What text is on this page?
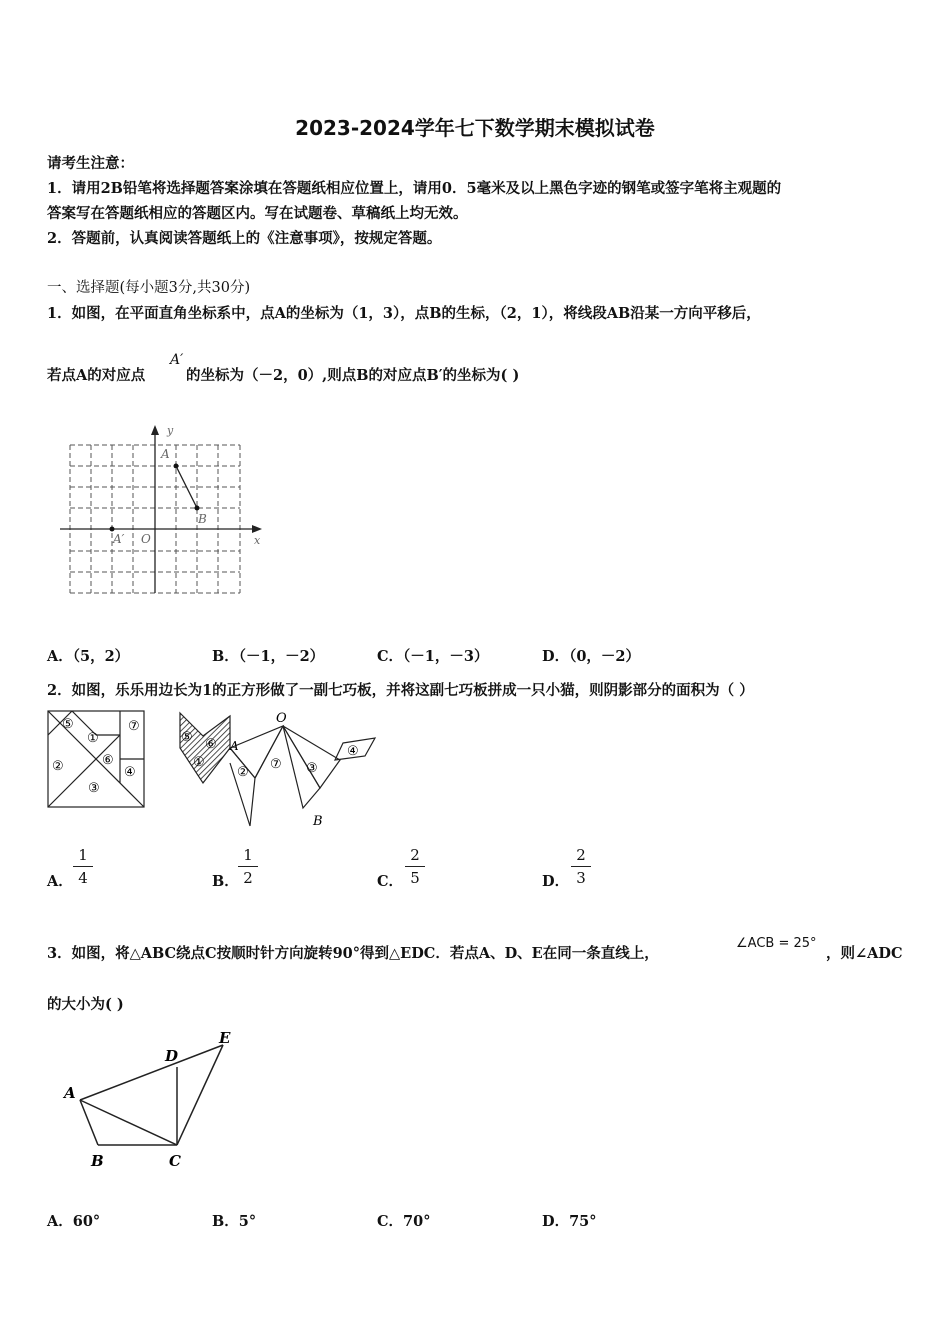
2023-2024学年七下数学期末模拟试卷
请考生注意：
1．请用2B铅笔将选择题答案涂填在答题纸相应位置上，请用0．5毫米及以上黑色字迹的钢笔或签字笔将主观题的
答案写在答题纸相应的答题区内。写在试题卷、草稿纸上均无效。
2．答题前，认真阅读答题纸上的《注意事项》，按规定答题。
一、选择题(每小题3分,共30分)
1．如图，在平面直角坐标系中，点A的坐标为（1，3），点B的生标，（2，1），将线段AB沿某一方向平移后，
若点A的对应点
A′
的坐标为（－2，0）,则点B的对应点B′的坐标为( )
y
x
O
A
B
A′
A．（5，2）	B．（－1，－2）	C．（－1，－3）	D．（0，－2）
2．如图，乐乐用边长为1的正方形做了一副七巧板，并将这副七巧板拼成一只小猫，则阴影部分的面积为（ ）
⑤	⑦
①
②	⑥
④
③
⑤ ⑥
①
②
⑦ ③
④
O
A
B
A．
1
4	B．
1
2	C．
2
5	D．
2
3
3．如图，将△ABC绕点C按顺时针方向旋转90°得到△EDC．若点A、D、E在同一条直线上，
∠ACB = 25°
，则∠ADC
的大小为( )
A
B	C
D
E
A．60°	B．5°	C．70°	D．75°
